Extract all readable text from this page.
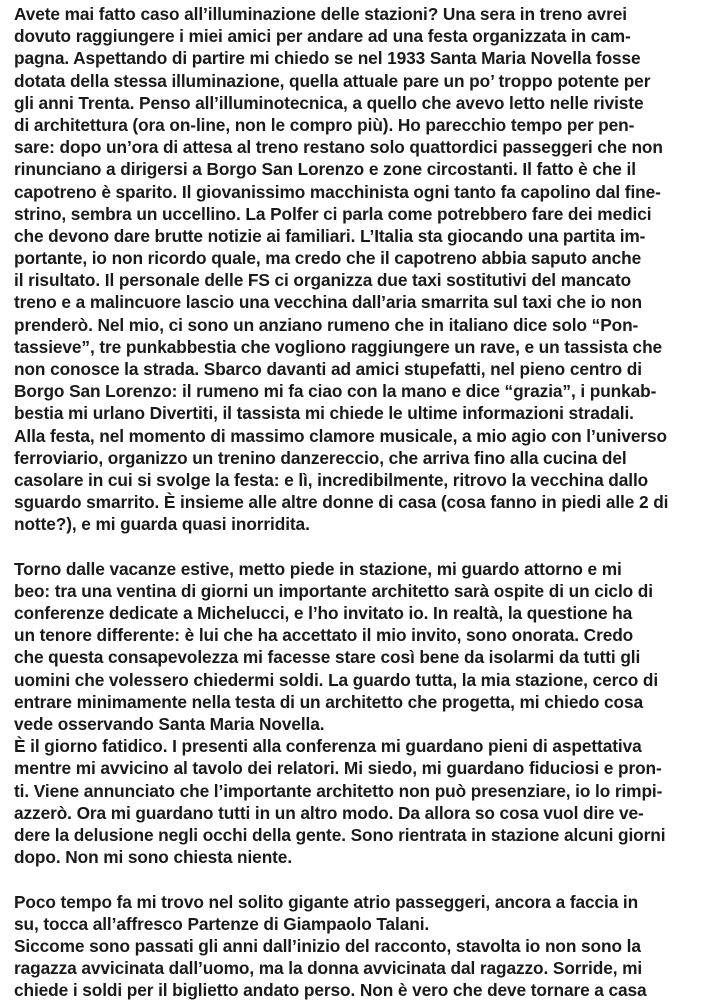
Avete mai fatto caso all’illuminazione delle stazioni? Una sera in treno avrei
dovuto raggiungere i miei amici per andare ad una festa organizzata in cam-
pagna. Aspettando di partire mi chiedo se nel 1933 Santa Maria Novella fosse
dotata della stessa illuminazione, quella attuale pare un po’ troppo potente per
gli anni Trenta. Penso all’illuminotecnica, a quello che avevo letto nelle riviste
di architettura (ora on-line, non le compro più). Ho parecchio tempo per pen-
sare: dopo un’ora di attesa al treno restano solo quattordici passeggeri che non
rinunciano a dirigersi a Borgo San Lorenzo e zone circostanti. Il fatto è che il
capotreno è sparito. Il giovanissimo macchinista ogni tanto fa capolino dal fine-
strino, sembra un uccellino. La Polfer ci parla come potrebbero fare dei medici
che devono dare brutte notizie ai familiari. L’Italia sta giocando una partita im-
portante, io non ricordo quale, ma credo che il capotreno abbia saputo anche
il risultato. Il personale delle FS ci organizza due taxi sostitutivi del mancato
treno e a malincuore lascio una vecchina dall’aria smarrita sul taxi che io non
prenderò. Nel mio, ci sono un anziano rumeno che in italiano dice solo “Pon-
tassieve”, tre punkabbestia che vogliono raggiungere un rave, e un tassista che
non conosce la strada. Sbarco davanti ad amici stupefatti, nel pieno centro di
Borgo San Lorenzo: il rumeno mi fa ciao con la mano e dice “grazia”, i punkab-
bestia mi urlano Divertiti, il tassista mi chiede le ultime informazioni stradali.
Alla festa, nel momento di massimo clamore musicale, a mio agio con l’universo
ferroviario, organizzo un trenino danzereccio, che arriva fino alla cucina del
casolare in cui si svolge la festa: e lì, incredibilmente, ritrovo la vecchina dallo
sguardo smarrito. È insieme alle altre donne di casa (cosa fanno in piedi alle 2 di
notte?), e mi guarda quasi inorridita.
Torno dalle vacanze estive, metto piede in stazione, mi guardo attorno e mi
beo: tra una ventina di giorni un importante architetto sarà ospite di un ciclo di
conferenze dedicate a Michelucci, e l’ho invitato io. In realtà, la questione ha
un tenore differente: è lui che ha accettato il mio invito, sono onorata. Credo
che questa consapevolezza mi facesse stare così bene da isolarmi da tutti gli
uomini che volessero chiedermi soldi. La guardo tutta, la mia stazione, cerco di
entrare minimamente nella testa di un architetto che progetta, mi chiedo cosa
vede osservando Santa Maria Novella.
È il giorno fatidico. I presenti alla conferenza mi guardano pieni di aspettativa
mentre mi avvicino al tavolo dei relatori. Mi siedo, mi guardano fiduciosi e pron-
ti. Viene annunciato che l’importante architetto non può presenziare, io lo rimpi-
azzerò. Ora mi guardano tutti in un altro modo. Da allora so cosa vuol dire ve-
dere la delusione negli occhi della gente. Sono rientrata in stazione alcuni giorni
dopo. Non mi sono chiesta niente.
Poco tempo fa mi trovo nel solito gigante atrio passeggeri, ancora a faccia in
su, tocca all’affresco Partenze di Giampaolo Talani.
Siccome sono passati gli anni dall’inizio del racconto, stavolta io non sono la
ragazza avvicinata dall’uomo, ma la donna avvicinata dal ragazzo. Sorride, mi
chiede i soldi per il biglietto andato perso. Non è vero che deve tornare a casa
